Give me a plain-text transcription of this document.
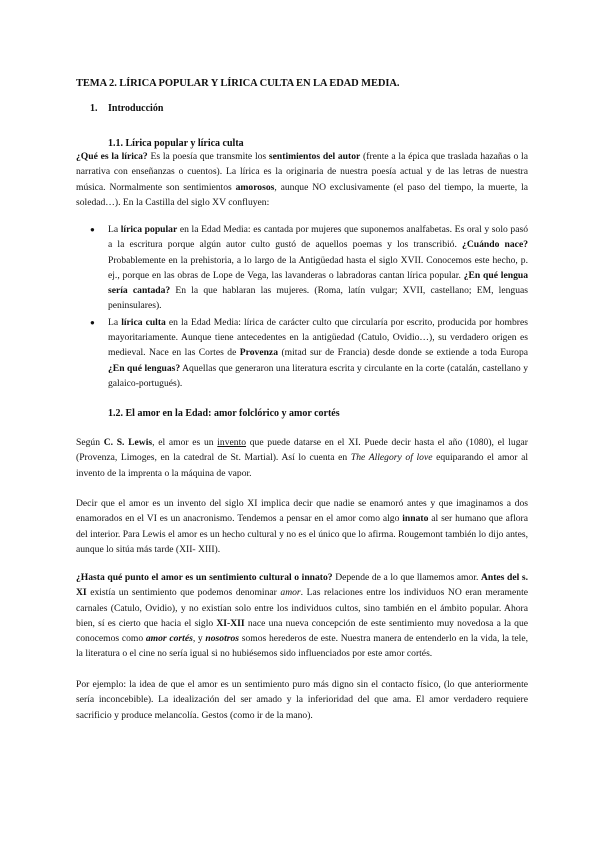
TEMA 2. LÍRICA POPULAR Y LÍRICA CULTA EN LA EDAD MEDIA.
1. Introducción
1.1. Lírica popular y lírica culta
¿Qué es la lírica? Es la poesía que transmite los sentimientos del autor (frente a la épica que traslada hazañas o la narrativa con enseñanzas o cuentos). La lírica es la originaria de nuestra poesía actual y de las letras de nuestra música. Normalmente son sentimientos amorosos, aunque NO exclusivamente (el paso del tiempo, la muerte, la soledad…). En la Castilla del siglo XV confluyen:
● La lírica popular en la Edad Media: es cantada por mujeres que suponemos analfabetas. Es oral y solo pasó a la escritura porque algún autor culto gustó de aquellos poemas y los transcribió. ¿Cuándo nace? Probablemente en la prehistoria, a lo largo de la Antigüedad hasta el siglo XVII. Conocemos este hecho, p. ej., porque en las obras de Lope de Vega, las lavanderas o labradoras cantan lírica popular. ¿En qué lengua sería cantada? En la que hablaran las mujeres. (Roma, latín vulgar; XVII, castellano; EM, lenguas peninsulares).
● La lírica culta en la Edad Media: lírica de carácter culto que circularía por escrito, producida por hombres mayoritariamente. Aunque tiene antecedentes en la antigüedad (Catulo, Ovidio…), su verdadero origen es medieval. Nace en las Cortes de Provenza (mitad sur de Francia) desde donde se extiende a toda Europa ¿En qué lenguas? Aquellas que generaron una literatura escrita y circulante en la corte (catalán, castellano y galaico-portugués).
1.2. El amor en la Edad: amor folclórico y amor cortés
Según C. S. Lewis, el amor es un invento que puede datarse en el XI. Puede decir hasta el año (1080), el lugar (Provenza, Limoges, en la catedral de St. Martial). Así lo cuenta en The Allegory of love equiparando el amor al invento de la imprenta o la máquina de vapor.
Decir que el amor es un invento del siglo XI implica decir que nadie se enamoró antes y que imaginamos a dos enamorados en el VI es un anacronismo. Tendemos a pensar en el amor como algo innato al ser humano que aflora del interior. Para Lewis el amor es un hecho cultural y no es el único que lo afirma. Rougemont también lo dijo antes, aunque lo sitúa más tarde (XII- XIII).
¿Hasta qué punto el amor es un sentimiento cultural o innato? Depende de a lo que llamemos amor. Antes del s. XI existía un sentimiento que podemos denominar amor. Las relaciones entre los individuos NO eran meramente carnales (Catulo, Ovidio), y no existían solo entre los individuos cultos, sino también en el ámbito popular. Ahora bien, sí es cierto que hacia el siglo XI-XII nace una nueva concepción de este sentimiento muy novedosa a la que conocemos como amor cortés, y nosotros somos herederos de este. Nuestra manera de entenderlo en la vida, la tele, la literatura o el cine no sería igual si no hubiésemos sido influenciados por este amor cortés.
Por ejemplo: la idea de que el amor es un sentimiento puro más digno sin el contacto físico, (lo que anteriormente sería inconcebible). La idealización del ser amado y la inferioridad del que ama. El amor verdadero requiere sacrificio y produce melancolía. Gestos (como ir de la mano).
